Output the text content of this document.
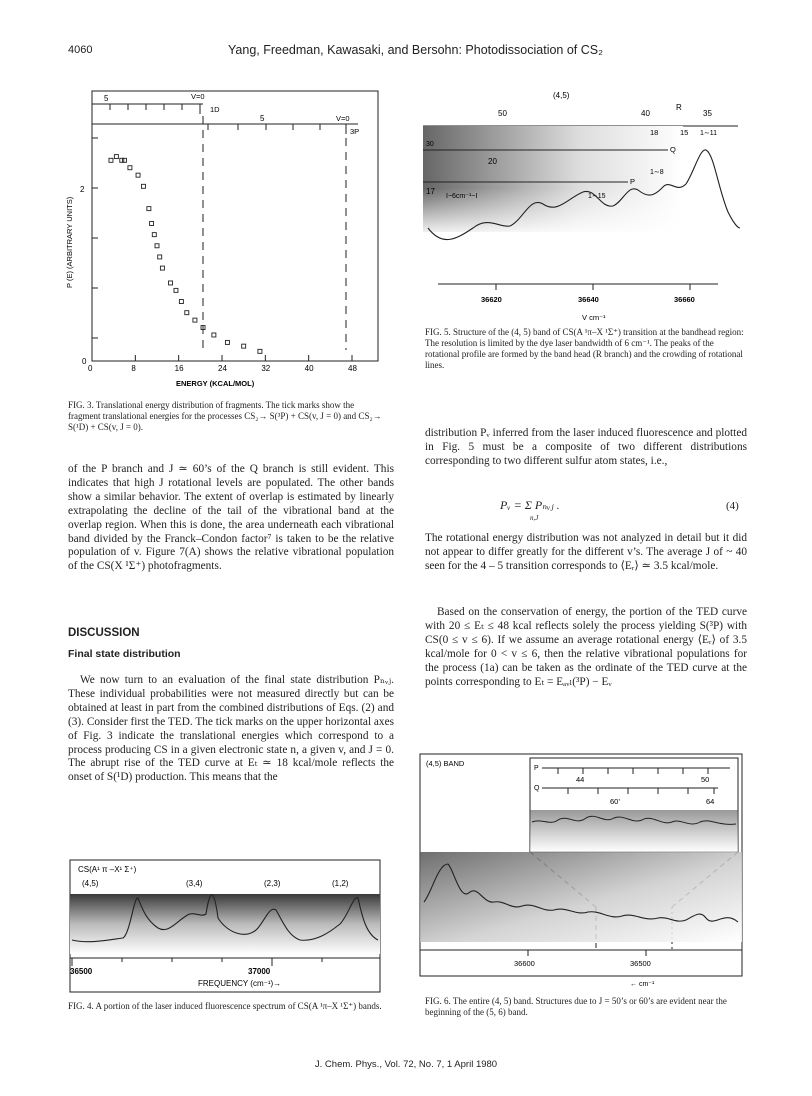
4060	Yang, Freedman, Kawasaki, and Bersohn: Photodissociation of CS₂
5	V=0
1D
5	V=0
3P
2
0
P (E) (ARBITRARY UNITS)
0	8	16	24	32	40	48
ENERGY (KCAL/MOL)
FIG. 3. Translational energy distribution of fragments. The tick marks show the fragment translational energies for the processes CS₂→ S(³P) + CS(v, J = 0) and CS₂→ S(¹D) + CS(v, J = 0).
(4,5)
R
50	40	35
18	15 1∼11
30
20
Q
1∼8
P
17
I−6cm⁻¹−I	1∼15
36620	36640	36660
V cm⁻¹
FIG. 5. Structure of the (4, 5) band of CS(A ¹π–X ¹Σ⁺) transition at the bandhead region: The resolution is limited by the dye laser bandwidth of 6 cm⁻¹. The peaks of the rotational profile are formed by the band head (R branch) and the crowding of rotational lines.

of the P branch and J ≃ 60’s of the Q branch is still evident. This indicates that high J rotational levels are populated. The other bands show a similar behavior. The extent of overlap is estimated by linearly extrapolating the decline of the tail of the vibrational band at the overlap region. When this is done, the area underneath each vibrational band divided by the Franck–Condon factor⁷ is taken to be the relative population of v. Figure 7(A) shows the relative vibrational population of the CS(X ¹Σ⁺) photofragments.

DISCUSSION
Final state distribution
We now turn to an evaluation of the final state distribution Pₙᵥⱼ. These individual probabilities were not measured directly but can be obtained at least in part from the combined distributions of Eqs. (2) and (3). Consider first the TED. The tick marks on the upper horizontal axes of Fig. 3 indicate the translational energies which correspond to a process producing CS in a given electronic state n, a given v, and J = 0. The abrupt rise of the TED curve at Eₜ ≃ 18 kcal/mole reflects the onset of S(¹D) production. This means that the
distribution Pᵥ inferred from the laser induced fluorescence and plotted in Fig. 5 must be a composite of two different distributions corresponding to two different sulfur atom states, i.e.,
Pᵥ = Σ Pₙᵥⱼ .
n,J
(4)
The rotational energy distribution was not analyzed in detail but it did not appear to differ greatly for the different v’s. The average J of ~ 40 seen for the 4 – 5 transition corresponds to ⟨Eᵣ⟩ ≃ 3.5 kcal/mole.
Based on the conservation of energy, the portion of the TED curve with 20 ≤ Eₜ ≤ 48 kcal reflects solely the process yielding S(³P) with CS(0 ≤ v ≤ 6). If we assume an average rotational energy ⟨Eᵣ⟩ of 3.5 kcal/mole for 0 < v ≤ 6, then the relative vibrational populations for the process (1a) can be taken as the ordinate of the TED curve at the points corresponding to Eₜ = Eₐᵥₗ(³P) − Eᵥ
CS(A¹ π –X¹ Σ⁺)
(4,5)	(3,4)	(2,3)	(1,2)
36500	37000
FREQUENCY (cm⁻¹)→
FIG. 4. A portion of the laser induced fluorescence spectrum of CS(A ¹π–X ¹Σ⁺) bands.
(4,5) BAND
P
44	50
Q
60’	64
36600	36500
← cm⁻¹
FIG. 6. The entire (4, 5) band. Structures due to J = 50’s or 60’s are evident near the beginning of the (5, 6) band.
J. Chem. Phys., Vol. 72, No. 7, 1 April 1980
